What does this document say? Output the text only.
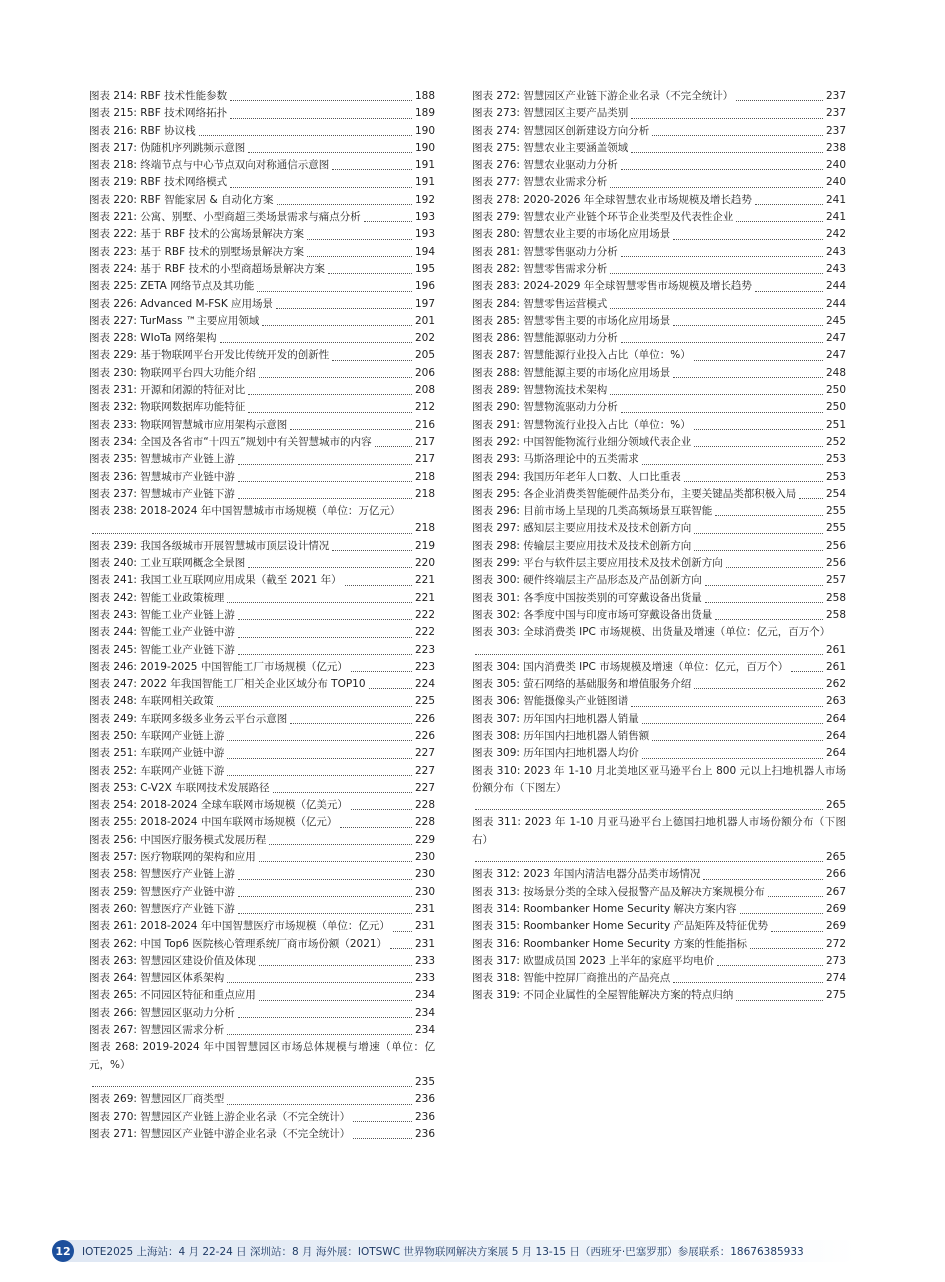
图表 214: RBF 技术性能参数	188
图表 215: RBF 技术网络拓扑	189
图表 216: RBF 协议栈	190
图表 217: 伪随机序列跳频示意图	190
图表 218: 终端节点与中心节点双向对称通信示意图	191
图表 219: RBF 技术网络模式	191
图表 220: RBF 智能家居 & 自动化方案	192
图表 221: 公寓、别墅、小型商超三类场景需求与痛点分析	193
图表 222: 基于 RBF 技术的公寓场景解决方案	193
图表 223: 基于 RBF 技术的别墅场景解决方案	194
图表 224: 基于 RBF 技术的小型商超场景解决方案	195
图表 225: ZETA 网络节点及其功能	196
图表 226: Advanced M-FSK 应用场景	197
图表 227: TurMass ™主要应用领域	201
图表 228: WIoTa 网络架构	202
图表 229: 基于物联网平台开发比传统开发的创新性	205
图表 230: 物联网平台四大功能介绍	206
图表 231: 开源和闭源的特征对比	208
图表 232: 物联网数据库功能特征	212
图表 233: 物联网智慧城市应用架构示意图	216
图表 234: 全国及各省市“十四五”规划中有关智慧城市的内容	217
图表 235: 智慧城市产业链上游	217
图表 236: 智慧城市产业链中游	218
图表 237: 智慧城市产业链下游	218
图表 238: 2018-2024 年中国智慧城市市场规模（单位：万亿元）
218
图表 239: 我国各级城市开展智慧城市顶层设计情况	219
图表 240: 工业互联网概念全景图	220
图表 241: 我国工业互联网应用成果（截至 2021 年）	221
图表 242: 智能工业政策梳理	221
图表 243: 智能工业产业链上游	222
图表 244: 智能工业产业链中游	222
图表 245: 智能工业产业链下游	223
图表 246: 2019-2025 中国智能工厂市场规模（亿元）	223
图表 247: 2022 年我国智能工厂相关企业区域分布 TOP10	224
图表 248: 车联网相关政策	225
图表 249: 车联网多级多业务云平台示意图	226
图表 250: 车联网产业链上游	226
图表 251: 车联网产业链中游	227
图表 252: 车联网产业链下游	227
图表 253: C-V2X 车联网技术发展路径	227
图表 254: 2018-2024 全球车联网市场规模（亿美元）	228
图表 255: 2018-2024 中国车联网市场规模（亿元）	228
图表 256: 中国医疗服务模式发展历程	229
图表 257: 医疗物联网的架构和应用	230
图表 258: 智慧医疗产业链上游	230
图表 259: 智慧医疗产业链中游	230
图表 260: 智慧医疗产业链下游	231
图表 261: 2018-2024 年中国智慧医疗市场规模（单位：亿元） 231
图表 262: 中国 Top6 医院核心管理系统厂商市场份额（2021）	231
图表 263: 智慧园区建设价值及体现	233
图表 264: 智慧园区体系架构	233
图表 265: 不同园区特征和重点应用	234
图表 266: 智慧园区驱动力分析	234
图表 267: 智慧园区需求分析	234
图表 268: 2019-2024 年中国智慧园区市场总体规模与增速（单位：亿元，%）
235
图表 269: 智慧园区厂商类型	236
图表 270: 智慧园区产业链上游企业名录（不完全统计）	236
图表 271: 智慧园区产业链中游企业名录（不完全统计）	236
图表 272: 智慧园区产业链下游企业名录（不完全统计）	237
图表 273: 智慧园区主要产品类别	237
图表 274: 智慧园区创新建设方向分析	237
图表 275: 智慧农业主要涵盖领域	238
图表 276: 智慧农业驱动力分析	240
图表 277: 智慧农业需求分析	240
图表 278: 2020-2026 年全球智慧农业市场规模及增长趋势	241
图表 279: 智慧农业产业链个环节企业类型及代表性企业	241
图表 280: 智慧农业主要的市场化应用场景	242
图表 281: 智慧零售驱动力分析	243
图表 282: 智慧零售需求分析	243
图表 283: 2024-2029 年全球智慧零售市场规模及增长趋势	244
图表 284: 智慧零售运营模式	244
图表 285: 智慧零售主要的市场化应用场景	245
图表 286: 智慧能源驱动力分析	247
图表 287: 智慧能源行业投入占比（单位：%）	247
图表 288: 智慧能源主要的市场化应用场景	248
图表 289: 智慧物流技术架构	250
图表 290: 智慧物流驱动力分析	250
图表 291: 智慧物流行业投入占比（单位：%）	251
图表 292: 中国智能物流行业细分领域代表企业	252
图表 293: 马斯洛理论中的五类需求	253
图表 294: 我国历年老年人口数、人口比重表	253
图表 295: 各企业消费类智能硬件品类分布，主要关键品类都积极入局	254
图表 296: 目前市场上呈现的几类高频场景互联智能	255
图表 297: 感知层主要应用技术及技术创新方向	255
图表 298: 传输层主要应用技术及技术创新方向	256
图表 299: 平台与软件层主要应用技术及技术创新方向	256
图表 300: 硬件终端层主产品形态及产品创新方向	257
图表 301: 各季度中国按类别的可穿戴设备出货量	258
图表 302: 各季度中国与印度市场可穿戴设备出货量	258
图表 303: 全球消费类 IPC 市场规模、出货量及增速（单位：亿元，百万个）
261
图表 304: 国内消费类 IPC 市场规模及增速（单位：亿元，百万个）	261
图表 305: 萤石网络的基础服务和增值服务介绍	262
图表 306: 智能摄像头产业链图谱	263
图表 307: 历年国内扫地机器人销量	264
图表 308: 历年国内扫地机器人销售额	264
图表 309: 历年国内扫地机器人均价	264
图表 310: 2023 年 1-10 月北美地区亚马逊平台上 800 元以上扫地机器人市场份额分布（下图左）
265
图表 311: 2023 年 1-10 月亚马逊平台上德国扫地机器人市场份额分布（下图右）
265
图表 312: 2023 年国内清洁电器分品类市场情况	266
图表 313: 按场景分类的全球入侵报警产品及解决方案规模分布	267
图表 314: Roombanker Home Security 解决方案内容	269
图表 315: Roombanker Home Security 产品矩阵及特征优势	269
图表 316: Roombanker Home Security 方案的性能指标	272
图表 317: 欧盟成员国 2023 上半年的家庭平均电价	273
图表 318: 智能中控屏厂商推出的产品亮点	274
图表 319: 不同企业属性的全屋智能解决方案的特点归纳	275
12	IOTE2025 上海站：4 月 22-24 日 深圳站：8 月 海外展：IOTSWC 世界物联网解决方案展 5 月 13-15 日（西班牙·巴塞罗那）参展联系：18676385933
